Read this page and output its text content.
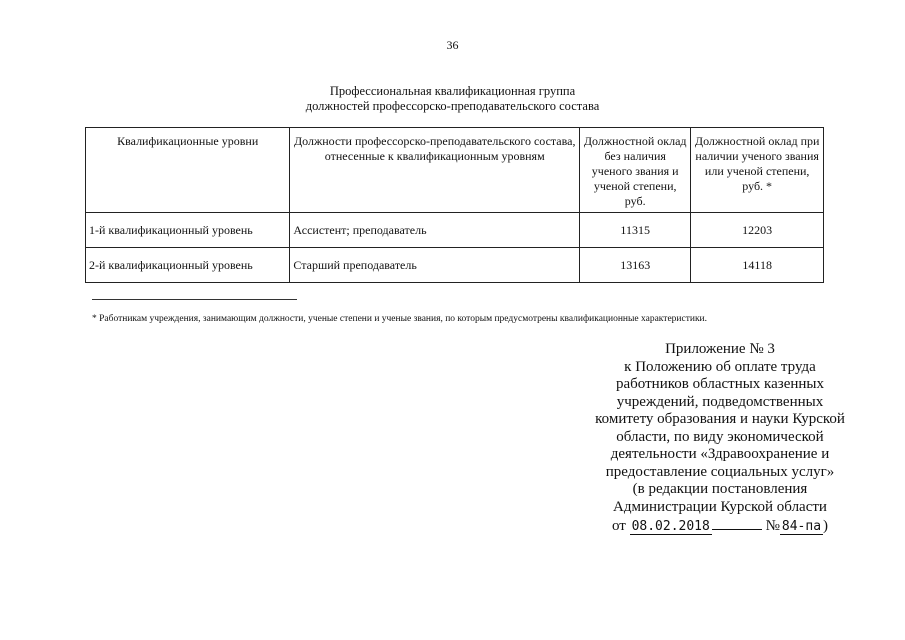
36
Профессиональная квалификационная группа
должностей профессорско-преподавательского состава
Квалификационные уровни	Должности профессорско-преподавательского состава, отнесенные к квалификационным уровням	Должностной оклад без наличия ученого звания и ученой степени, руб.	Должностной оклад при наличии ученого звания или ученой степени, руб. *
1-й квалификационный уровень	Ассистент; преподаватель	11315	12203
2-й квалификационный уровень	Старший преподаватель	13163	14118
* Работникам учреждения, занимающим должности, ученые степени и ученые звания, по которым предусмотрены квалификационные характеристики.
Приложение № 3
к Положению об оплате труда
работников областных казенных
учреждений, подведомственных
комитету образования и науки Курской
области, по виду экономической
деятельности «Здравоохранение и
предоставление социальных услуг»
(в редакции постановления
Администрации Курской области
от 08.02.2018	№ 84-па )
